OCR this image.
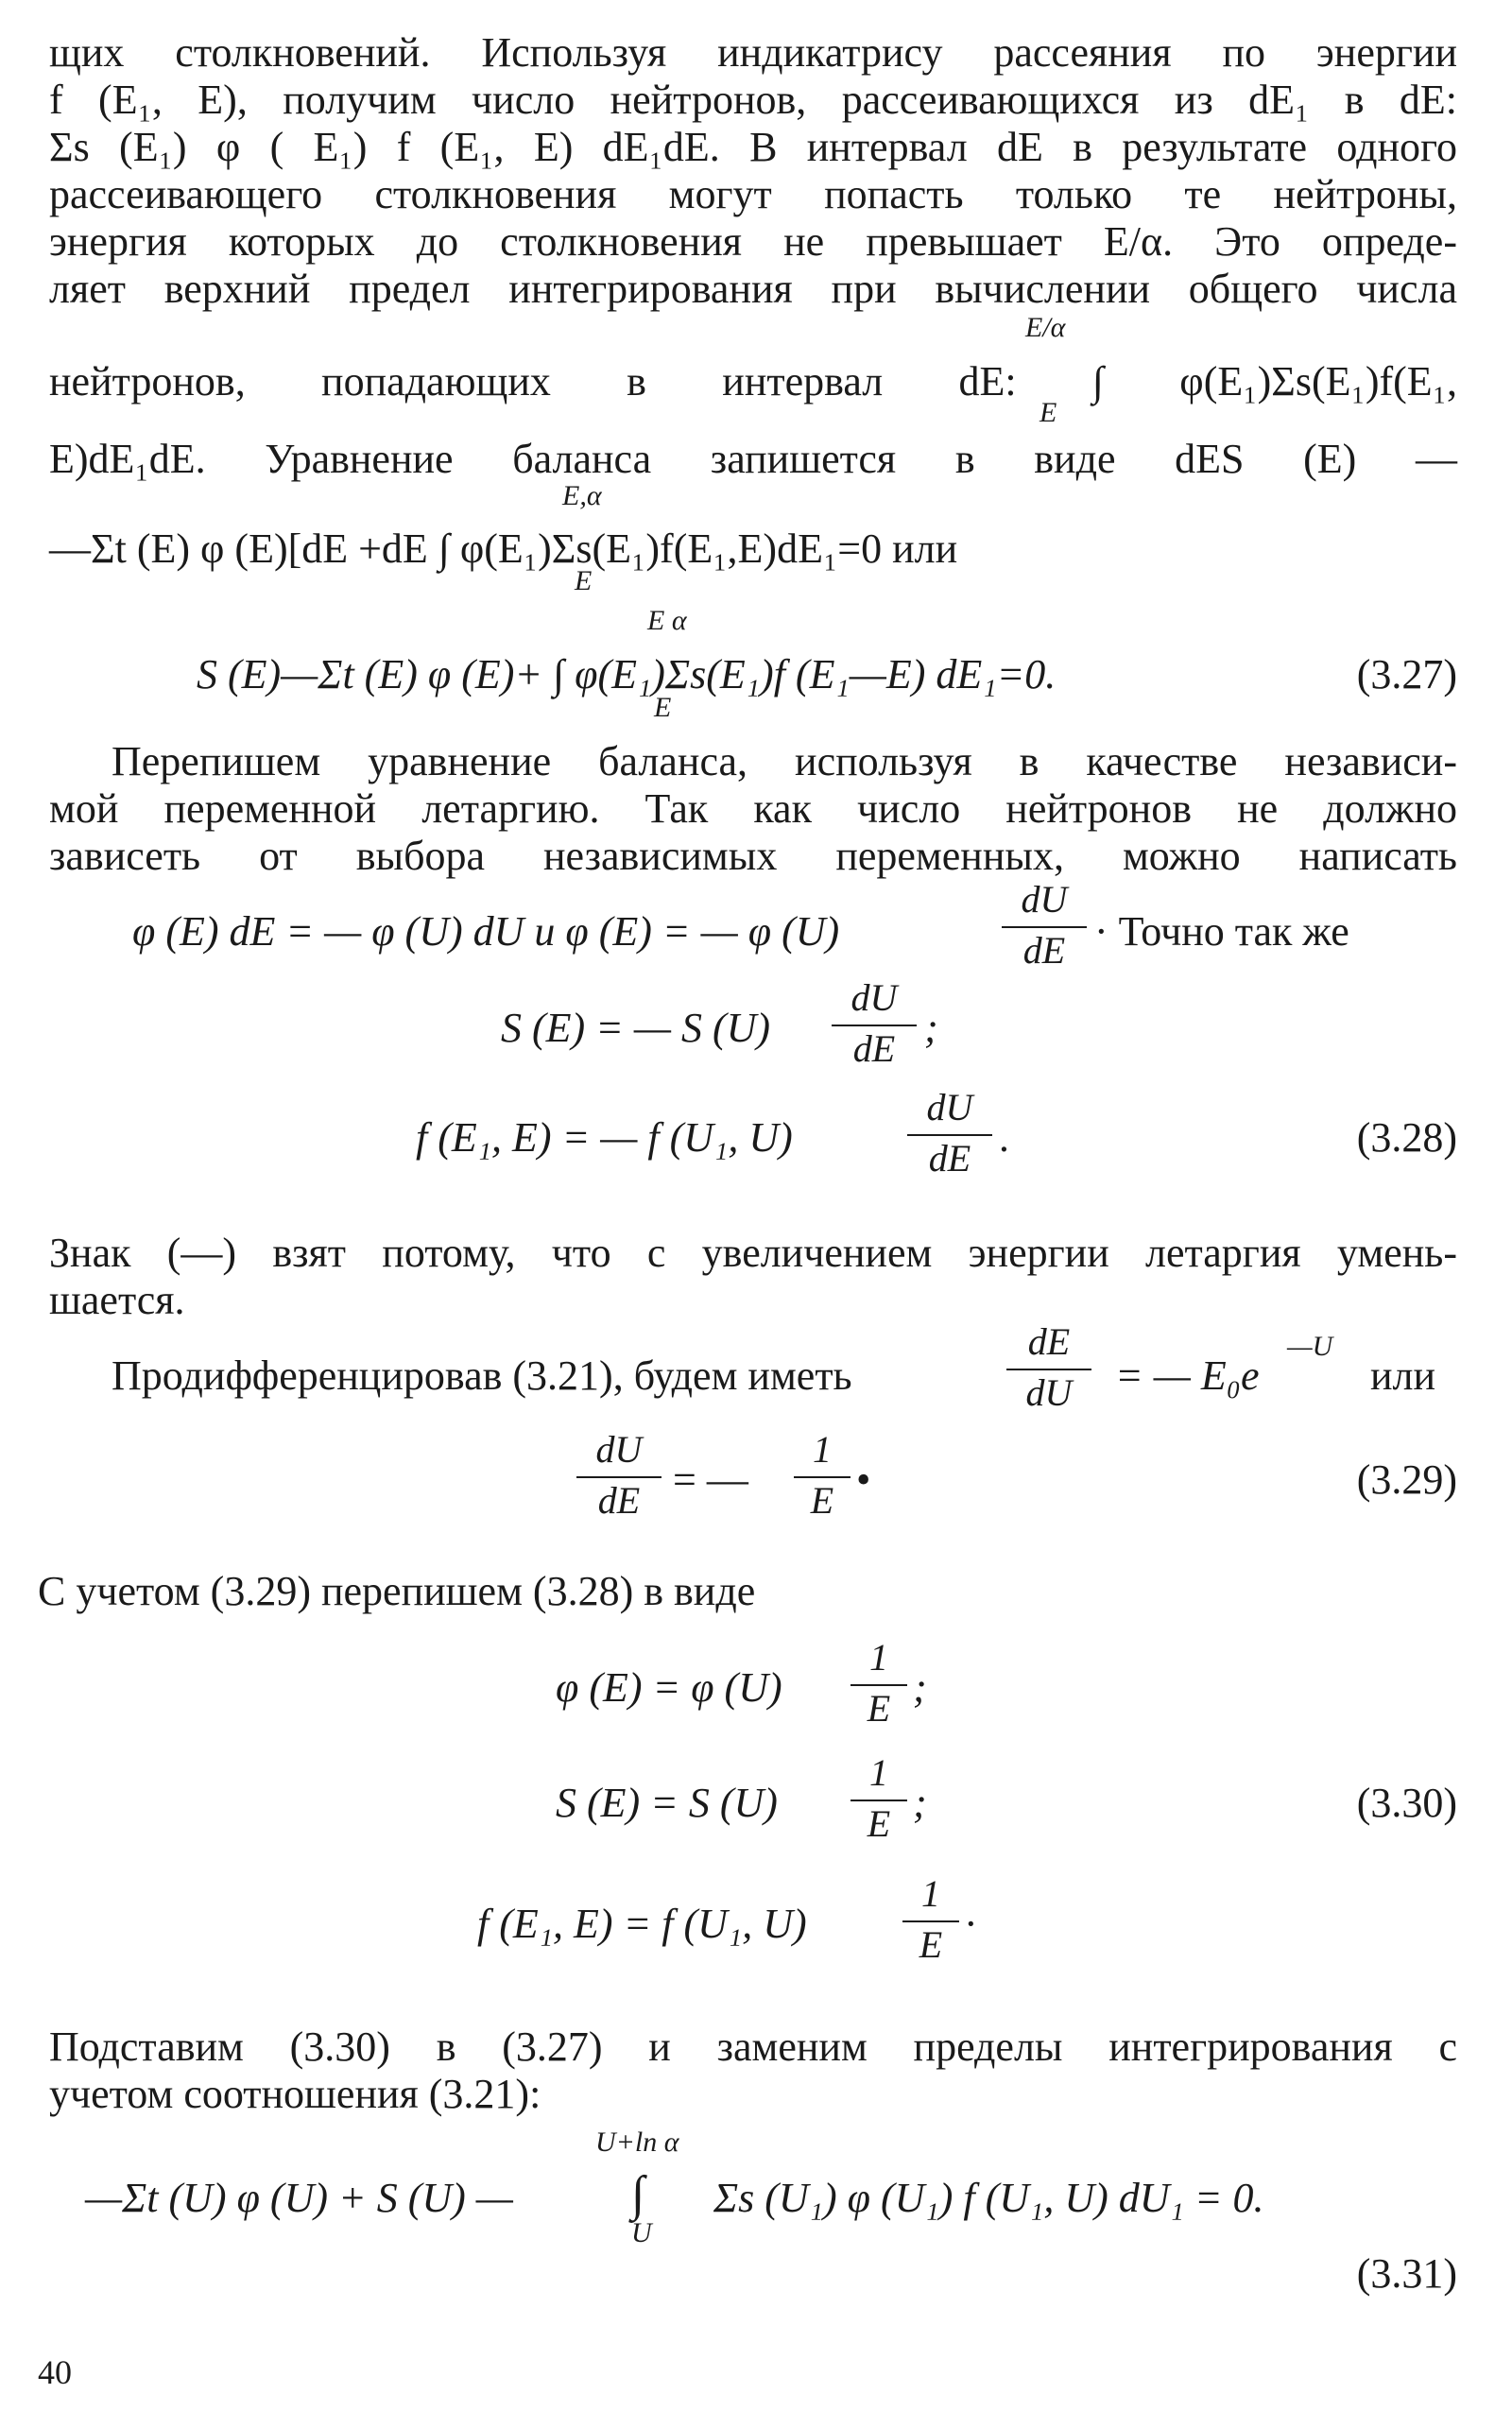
щих столкновений. Используя индикатрису рассеяния по энергии
f (E₁, E), получим число нейтронов, рассеивающихся из dE₁ в dE:
Σs (E₁) φ ( E₁) f (E₁, E) dE₁dE. В интервал dE в результате одного
рассеивающего столкновения могут попасть только те нейтроны,
энергия которых до столкновения не превышает E/α. Это опреде-
ляет верхний предел интегрирования при вычислении общего числа
E/α
нейтронов, попадающих в интервал dE: ∫ φ(E₁)Σs(E₁)f(E₁,
E
E)dE₁dE. Уравнение баланса запишется в виде dES (E) —
E,α
—Σt (E) φ (E)[dE +dE ∫ φ(E₁)Σs(E₁)f(E₁,E)dE₁=0 или
E
E α
S (E)—Σt (E) φ (E)+ ∫ φ(E₁)Σs(E₁)f (E₁—E) dE₁=0.
E
(3.27)
Перепишем уравнение баланса, используя в качестве независи-
мой переменной летаргию. Так как число нейтронов не должно
зависеть от выбора независимых переменных, можно написать
φ (E) dE = — φ (U) dU и φ (E) = — φ (U)
dU
dE · Точно так же
S (E) = — S (U)
dU
dE ;
f (E₁, E) = — f (U₁, U)
dU
dE .	(3.28)
Знак (—) взят потому, что с увеличением энергии летаргия умень-
шается.
Продифференцировав (3.21), будем иметь
dE
dU	= — E₀e
—U
или
dU
dE = —
1
E •	(3.29)
С учетом (3.29) перепишем (3.28) в виде
φ (E) = φ (U)
1
E ;
S (E) = S (U)
1
E ;	(3.30)
f (E₁, E) = f (U₁, U)
1
E ·
Подставим (3.30) в (3.27) и заменим пределы интегрирования с
учетом соотношения (3.21):
U+ln α
—Σt (U) φ (U) + S (U) — ∫ Σs (U₁) φ (U₁) f (U₁, U) dU₁ = 0.
U
(3.31)
40
